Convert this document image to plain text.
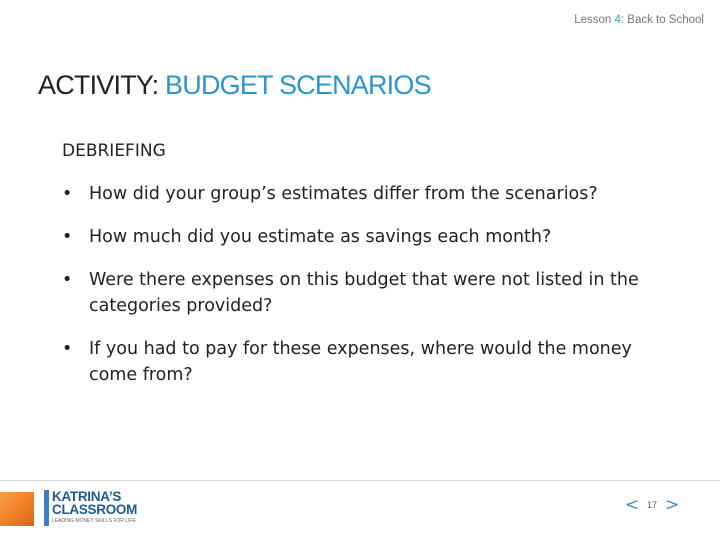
Lesson 4: Back to School
ACTIVITY: BUDGET SCENARIOS
DEBRIEFING
• How did your group’s estimates differ from the scenarios?
• How much did you estimate as savings each month?
• Were there expenses on this budget that were not listed in the categories provided?
• If you had to pay for these expenses, where would the money come from?
KATRINA’S
CLASSROOM
LEADING MONEY SKILLS FOR LIFE
< 17 >
